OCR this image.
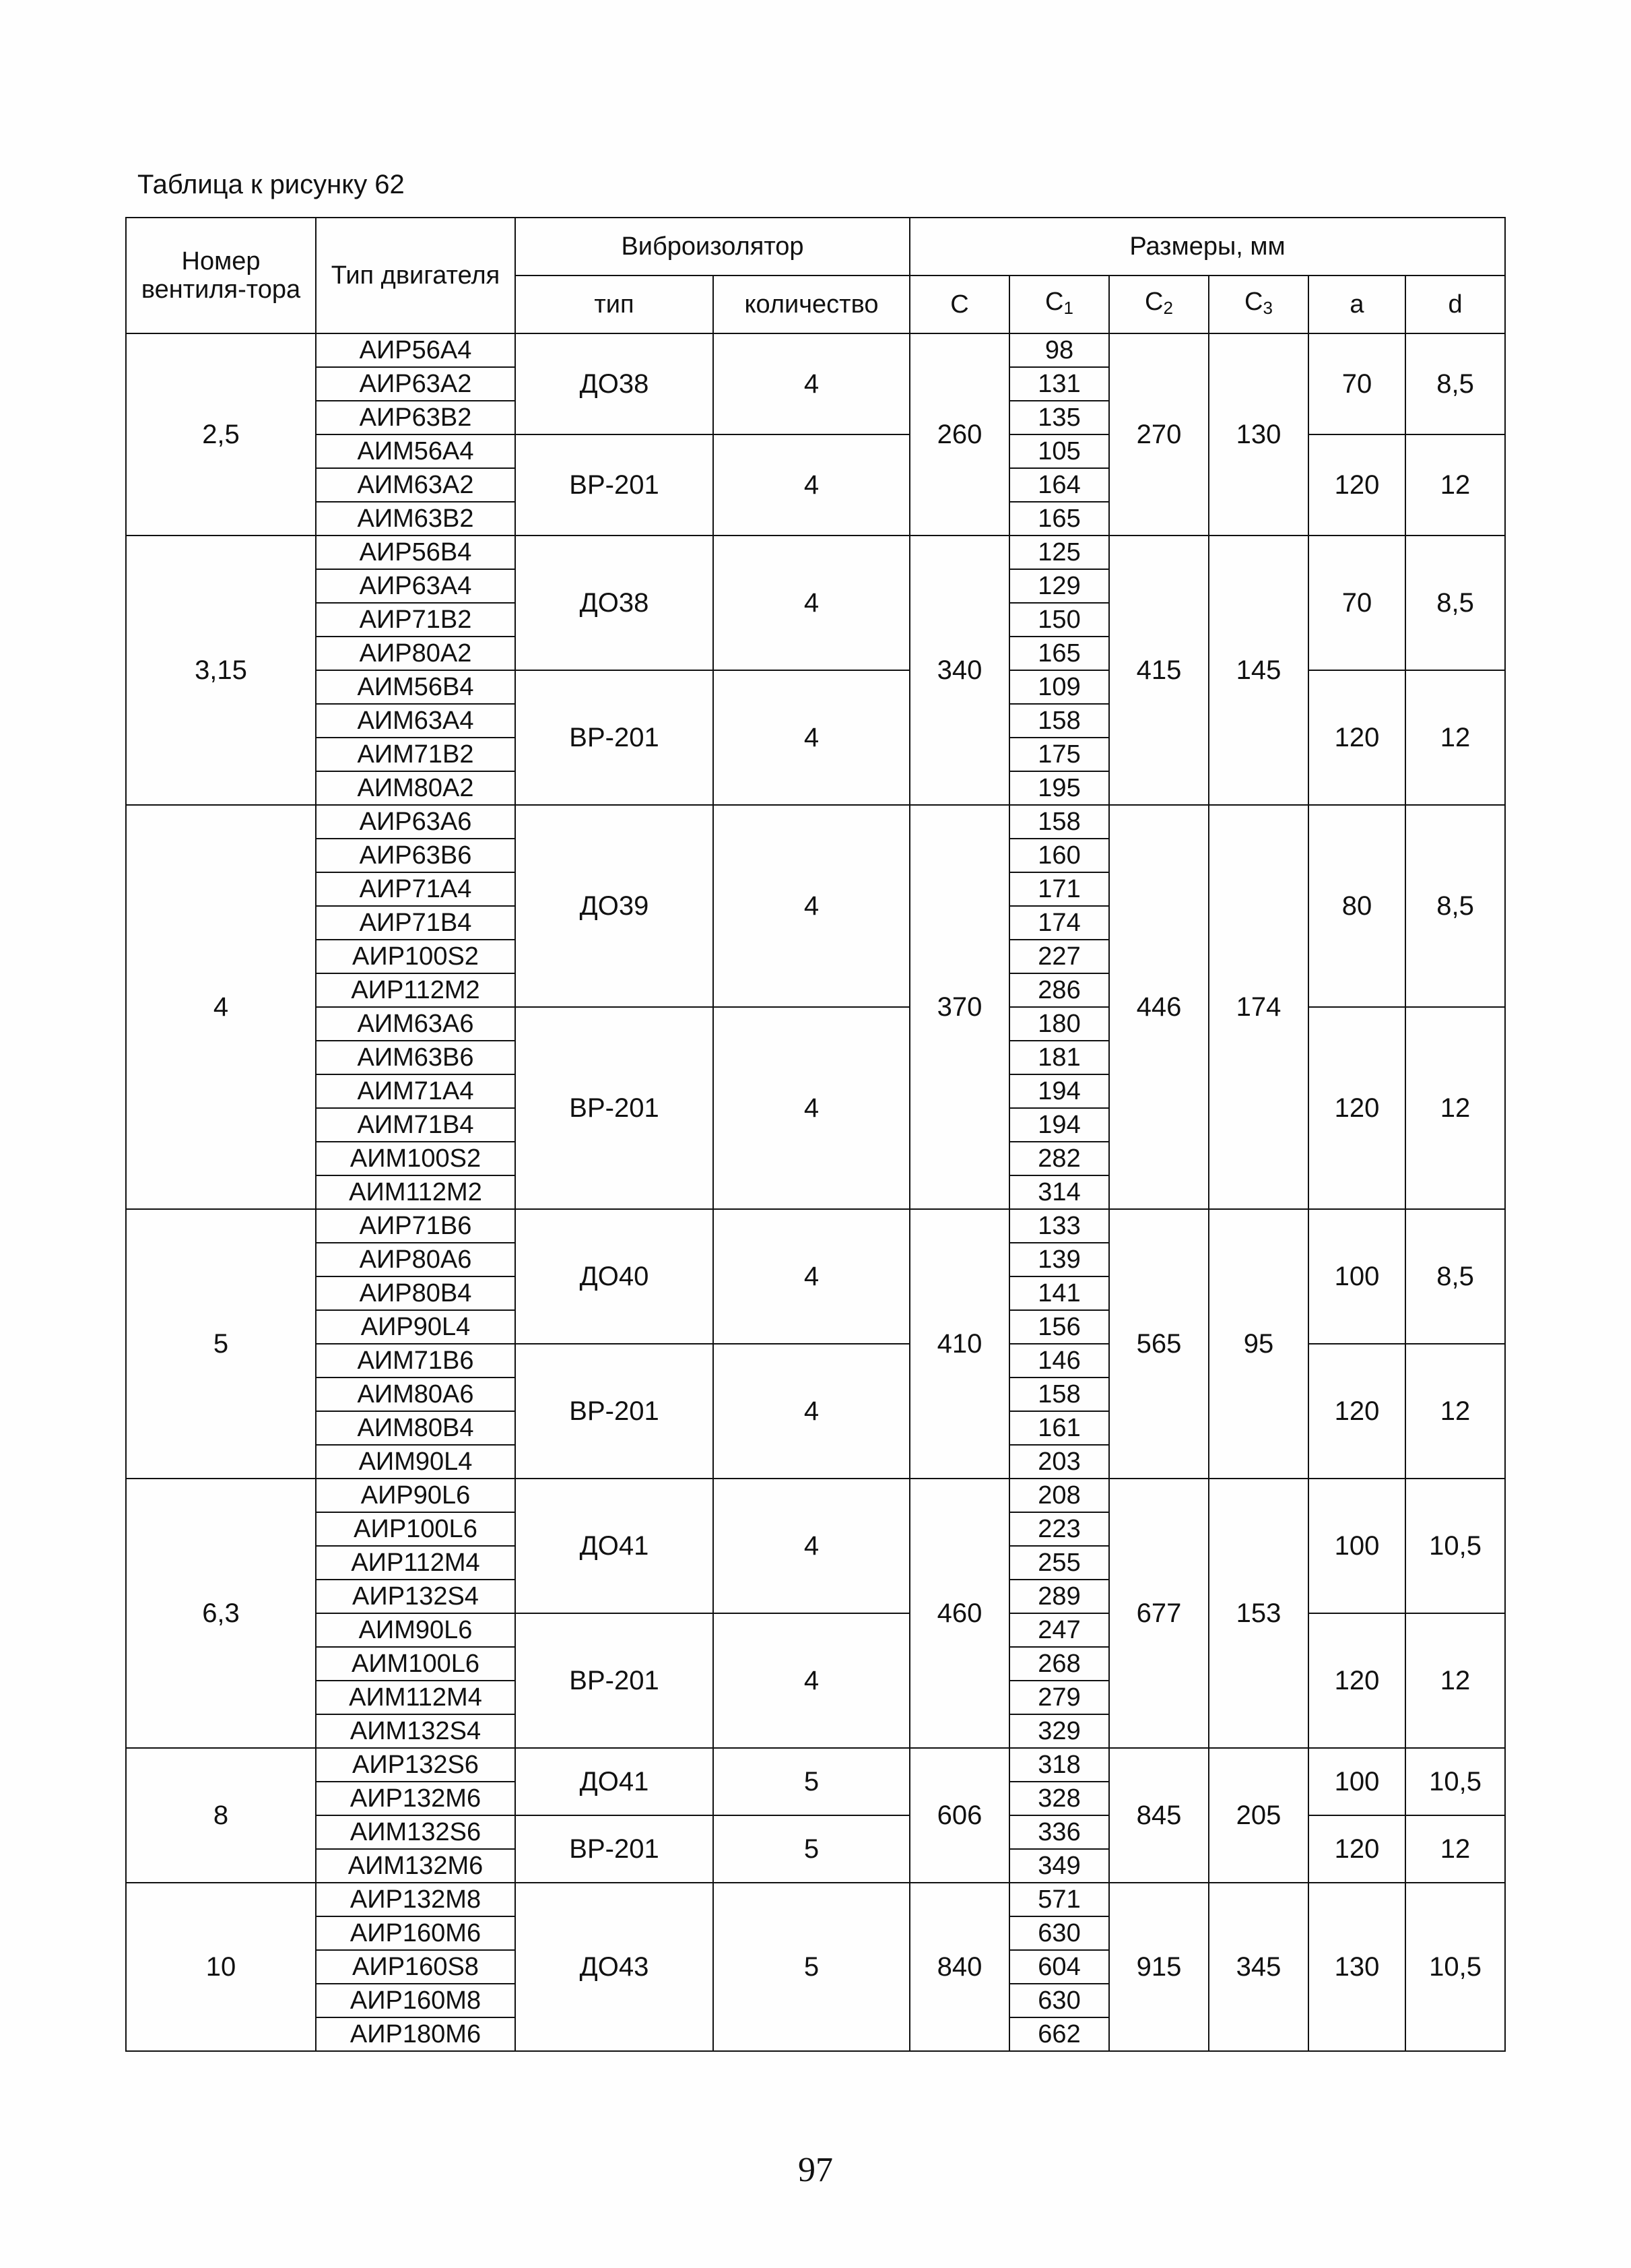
Таблица к рисунку 62
Номер вентиля-тора	Тип двигателя	Виброизолятор		Размеры, мм					
		тип	количество	C	$C_1$	$C_2$	$C_3$	a	d
2,5	АИР56А4	ДО38	4	260	98	270	130	70	8,5
	АИР63А2				131				
	АИР63В2				135				
	АИМ56А4	ВР-201	4		105			120	12
	АИМ63А2				164				
	АИМ63В2				165				
3,15	АИР56В4	ДО38	4	340	125	415	145	70	8,5
	АИР63А4				129				
	АИР71В2				150				
	АИР80А2				165				
	АИМ56В4	ВР-201	4		109			120	12
	АИМ63А4				158				
	АИМ71В2				175				
	АИМ80А2				195				
4	АИР63А6	ДО39	4	370	158	446	174	80	8,5
	АИР63В6				160				
	АИР71А4				171				
	АИР71В4				174				
	АИР100S2				227				
	АИР112М2				286				
	АИМ63А6	ВР-201	4		180			120	12
	АИМ63В6				181				
	АИМ71А4				194				
	АИМ71В4				194				
	АИМ100S2				282				
	АИМ112М2				314				
5	АИР71В6	ДО40	4	410	133	565	95	100	8,5
	АИР80А6				139				
	АИР80В4				141				
	АИР90L4				156				
	АИМ71В6	ВР-201	4		146			120	12
	АИМ80А6				158				
	АИМ80В4				161				
	АИМ90L4				203				
6,3	АИР90L6	ДО41	4	460	208	677	153	100	10,5
	АИР100L6				223				
	АИР112М4				255				
	АИР132S4				289				
	АИМ90L6	ВР-201	4		247			120	12
	АИМ100L6				268				
	АИМ112М4				279				
	АИМ132S4				329				
8	АИР132S6	ДО41	5	606	318	845	205	100	10,5
	АИР132М6				328				
	АИМ132S6	ВР-201	5		336			120	12
	АИМ132М6				349				
10	АИР132М8	ДО43	5	840	571	915	345	130	10,5
	АИР160М6				630				
	АИР160S8				604				
	АИР160М8				630				
	АИР180М6				662				
97
